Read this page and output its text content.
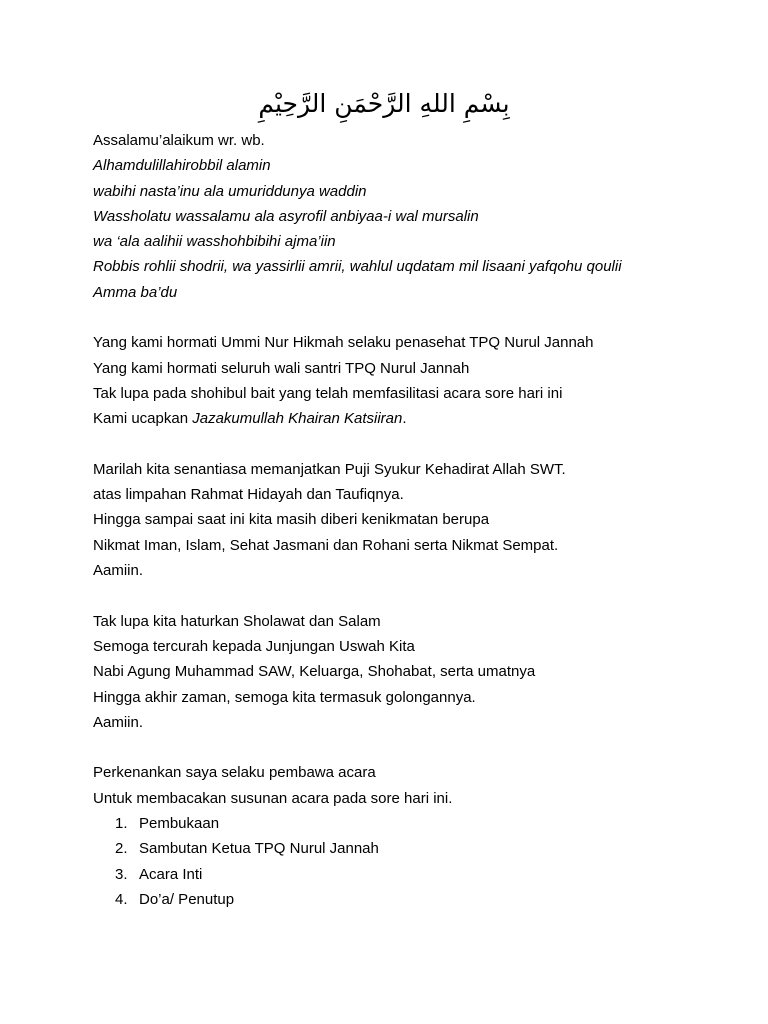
بِسْمِ اللهِ الرَّحْمَنِ الرَّحِيْمِ
Assalamu’alaikum wr. wb.
Alhamdulillahirobbil alamin
wabihi nasta’inu ala umuriddunya waddin
Wassholatu wassalamu ala asyrofil anbiyaa-i wal mursalin
wa ‘ala aalihii wasshohbibihi ajma’iin
Robbis rohlii shodrii, wa yassirlii amrii, wahlul uqdatam mil lisaani yafqohu qoulii
Amma ba’du
Yang kami hormati Ummi Nur Hikmah selaku penasehat TPQ Nurul Jannah
Yang kami hormati seluruh wali santri TPQ Nurul Jannah
Tak lupa pada shohibul bait yang telah memfasilitasi acara sore hari ini
Kami ucapkan Jazakumullah Khairan Katsiiran.
Marilah kita senantiasa memanjatkan Puji Syukur Kehadirat Allah SWT.
atas limpahan Rahmat Hidayah dan Taufiqnya.
Hingga sampai saat ini kita masih diberi kenikmatan berupa
Nikmat Iman, Islam, Sehat Jasmani dan Rohani serta Nikmat Sempat.
Aamiin.
Tak lupa kita haturkan Sholawat dan Salam
Semoga tercurah kepada Junjungan Uswah Kita
Nabi Agung Muhammad SAW, Keluarga, Shohabat, serta umatnya
Hingga akhir zaman, semoga kita termasuk golongannya.
Aamiin.
Perkenankan saya selaku pembawa acara
Untuk membacakan susunan acara pada sore hari ini.
1. Pembukaan
2. Sambutan Ketua TPQ Nurul Jannah
3. Acara Inti
4. Do’a/ Penutup
